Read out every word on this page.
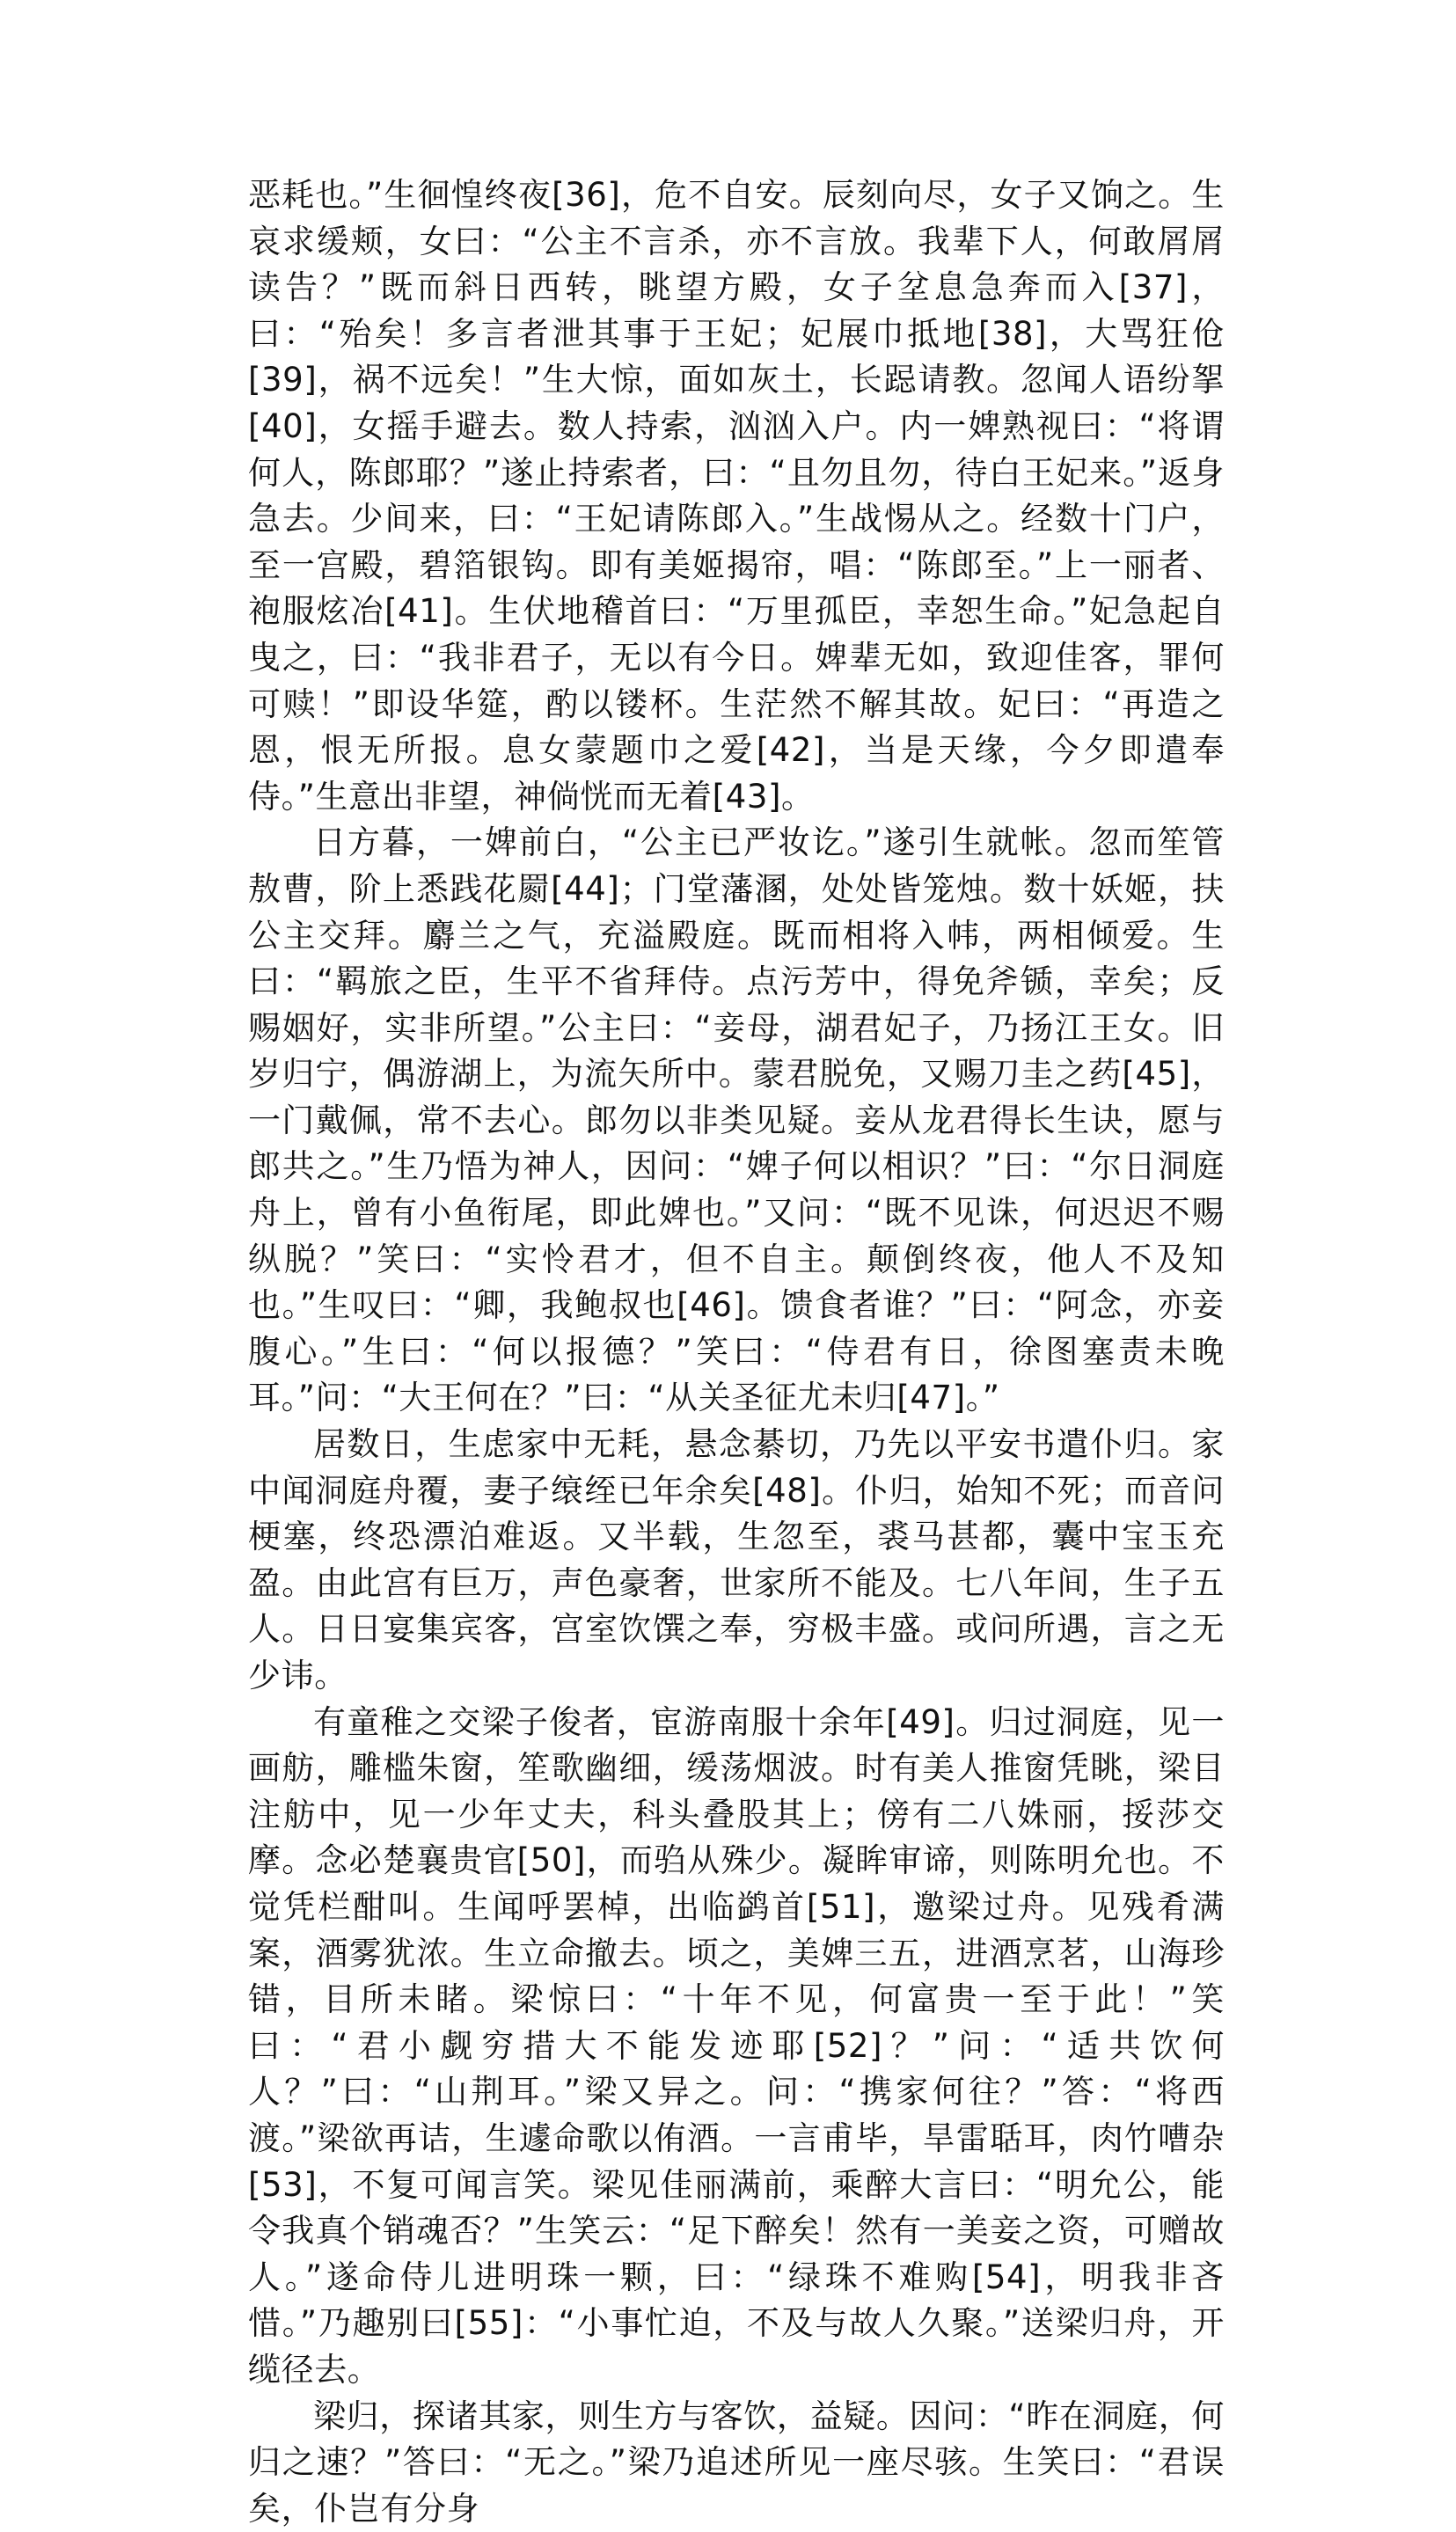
恶耗也。”生徊惶终夜[36]，危不自安。辰刻向尽，女子又饷之。生哀求缓颊，女曰：“公主不言杀，亦不言放。我辈下人，何敢屑屑读告？”既而斜日西转，眺望方殿，女子坌息急奔而入[37]，曰：“殆矣！多言者泄其事于王妃；妃展巾抵地[38]，大骂狂伧[39]，祸不远矣！”生大惊，面如灰土，长跽请教。忽闻人语纷挐[40]，女摇手避去。数人持索，汹汹入户。内一婢熟视曰：“将谓何人，陈郎耶？”遂止持索者，曰：“且勿且勿，待白王妃来。”返身急去。少间来，曰：“王妃请陈郎入。”生战惕从之。经数十门户，至一宫殿，碧箔银钩。即有美姬揭帘，唱：“陈郎至。”上一丽者、袍服炫冶[41]。生伏地稽首曰：“万里孤臣，幸恕生命。”妃急起自曳之，曰：“我非君子，无以有今日。婢辈无如，致迎佳客，罪何可赎！”即设华筵，酌以镂杯。生茫然不解其故。妃曰：“再造之恩，恨无所报。息女蒙题巾之爱[42]，当是天缘，今夕即遣奉侍。”生意出非望，神倘恍而无着[43]。

日方暮，一婢前白，“公主已严妆讫。”遂引生就帐。忽而笙管敖曹，阶上悉践花罽[44]；门堂藩溷，处处皆笼烛。数十妖姬，扶公主交拜。麝兰之气，充溢殿庭。既而相将入帏，两相倾爱。生曰：“羁旅之臣，生平不省拜侍。点污芳中，得免斧锧，幸矣；反赐姻好，实非所望。”公主曰：“妾母，湖君妃子，乃扬江王女。旧岁归宁，偶游湖上，为流矢所中。蒙君脱免，又赐刀圭之药[45]，一门戴佩，常不去心。郎勿以非类见疑。妾从龙君得长生诀，愿与郎共之。”生乃悟为神人，因问：“婢子何以相识？”曰：“尔日洞庭舟上，曾有小鱼衔尾，即此婢也。”又问：“既不见诛，何迟迟不赐纵脱？”笑曰：“实怜君才，但不自主。颠倒终夜，他人不及知也。”生叹曰：“卿，我鲍叔也[46]。馈食者谁？”曰：“阿念，亦妾腹心。”生曰：“何以报德？”笑曰：“侍君有日，徐图塞责未晚耳。”问：“大王何在？”曰：“从关圣征尤未归[47]。”

居数日，生虑家中无耗，悬念綦切，乃先以平安书遣仆归。家中闻洞庭舟覆，妻子缞绖已年余矣[48]。仆归，始知不死；而音问梗塞，终恐漂泊难返。又半载，生忽至，裘马甚都，囊中宝玉充盈。由此宫有巨万，声色豪奢，世家所不能及。七八年间，生子五人。日日宴集宾客，宫室饮馔之奉，穷极丰盛。或问所遇，言之无少讳。

有童稚之交梁子俊者，宦游南服十余年[49]。归过洞庭，见一画舫，雕槛朱窗，笙歌幽细，缓荡烟波。时有美人推窗凭眺，梁目注舫中，见一少年丈夫，科头叠股其上；傍有二八姝丽，挼莎交摩。念必楚襄贵官[50]，而驺从殊少。凝眸审谛，则陈明允也。不觉凭栏酣叫。生闻呼罢棹，出临鹢首[51]，邀梁过舟。见残肴满案，酒雾犹浓。生立命撤去。顷之，美婢三五，进酒烹茗，山海珍错，目所未睹。梁惊曰：“十年不见，何富贵一至于此！”笑曰：“君小觑穷措大不能发迹耶[52]？”问：“适共饮何人？”曰：“山荆耳。”梁又异之。问：“携家何往？”答：“将西渡。”梁欲再诘，生遽命歌以侑酒。一言甫毕，旱雷聒耳，肉竹嘈杂[53]，不复可闻言笑。梁见佳丽满前，乘醉大言曰：“明允公，能令我真个销魂否？”生笑云：“足下醉矣！然有一美妾之资，可赠故人。”遂命侍儿进明珠一颗，曰：“绿珠不难购[54]，明我非吝惜。”乃趣别曰[55]：“小事忙迫，不及与故人久聚。”送梁归舟，开缆径去。

梁归，探诸其家，则生方与客饮，益疑。因问：“昨在洞庭，何归之速？”答曰：“无之。”梁乃追述所见一座尽骇。生笑曰：“君误矣，仆岂有分身
